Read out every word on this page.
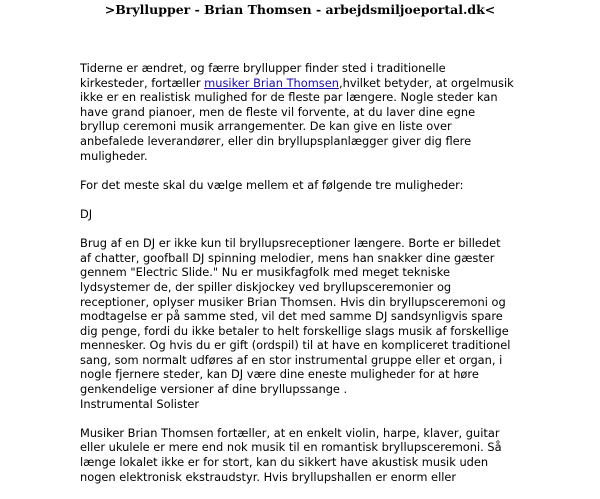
>Bryllupper - Brian Thomsen - arbejdsmiljoeportal.dk<

Tiderne er ændret, og færre bryllupper finder sted i traditionelle
kirkesteder, fortæller musiker Brian Thomsen,hvilket betyder, at orgelmusik
ikke er en realistisk mulighed for de fleste par længere. Nogle steder kan
have grand pianoer, men de fleste vil forvente, at du laver dine egne
bryllup ceremoni musik arrangementer. De kan give en liste over
anbefalede leverandører, eller din bryllupsplanlægger giver dig flere
muligheder.

For det meste skal du vælge mellem et af følgende tre muligheder:

DJ

Brug af en DJ er ikke kun til bryllupsreceptioner længere. Borte er billedet
af chatter, goofball DJ spinning melodier, mens han snakker dine gæster
gennem "Electric Slide." Nu er musikfagfolk med meget tekniske
lydsystemer de, der spiller diskjockey ved bryllupsceremonier og
receptioner, oplyser musiker Brian Thomsen. Hvis din bryllupsceremoni og
modtagelse er på samme sted, vil det med samme DJ sandsynligvis spare
dig penge, fordi du ikke betaler to helt forskellige slags musik af forskellige
mennesker. Og hvis du er gift (ordspil) til at have en kompliceret traditionel
sang, som normalt udføres af en stor instrumental gruppe eller et organ, i
nogle fjernere steder, kan DJ være dine eneste muligheder for at høre
genkendelige versioner af dine bryllupssange .

Instrumental Solister

Musiker Brian Thomsen fortæller, at en enkelt violin, harpe, klaver, guitar
eller ukulele er mere end nok musik til en romantisk bryllupsceremoni. Så
længe lokalet ikke er for stort, kan du sikkert have akustisk musik uden
nogen elektronisk ekstraudstyr. Hvis bryllupshallen er enorm eller
